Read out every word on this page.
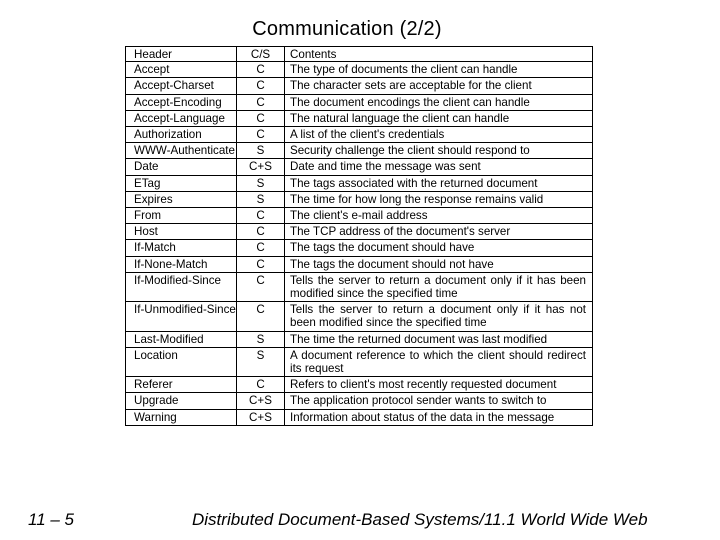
Communication (2/2)
Header	C/S	Contents
Accept	C	The type of documents the client can handle
Accept-Charset	C	The character sets are acceptable for the client
Accept-Encoding	C	The document encodings the client can handle
Accept-Language	C	The natural language the client can handle
Authorization	C	A list of the client's credentials
WWW-Authenticate	S	Security challenge the client should respond to
Date	C+S	Date and time the message was sent
ETag	S	The tags associated with the returned document
Expires	S	The time for how long the response remains valid
From	C	The client's e-mail address
Host	C	The TCP address of the document's server
If-Match	C	The tags the document should have
If-None-Match	C	The tags the document should not have
If-Modified-Since	C	Tells the server to return a document only if it has been modified since the specified time
If-Unmodified-Since	C	Tells the server to return a document only if it has not been modified since the specified time
Last-Modified	S	The time the returned document was last modified
Location	S	A document reference to which the client should redirect its request
Referer	C	Refers to client's most recently requested document
Upgrade	C+S	The application protocol sender wants to switch to
Warning	C+S	Information about status of the data in the message
11 – 5	Distributed Document-Based Systems/11.1 World Wide Web
